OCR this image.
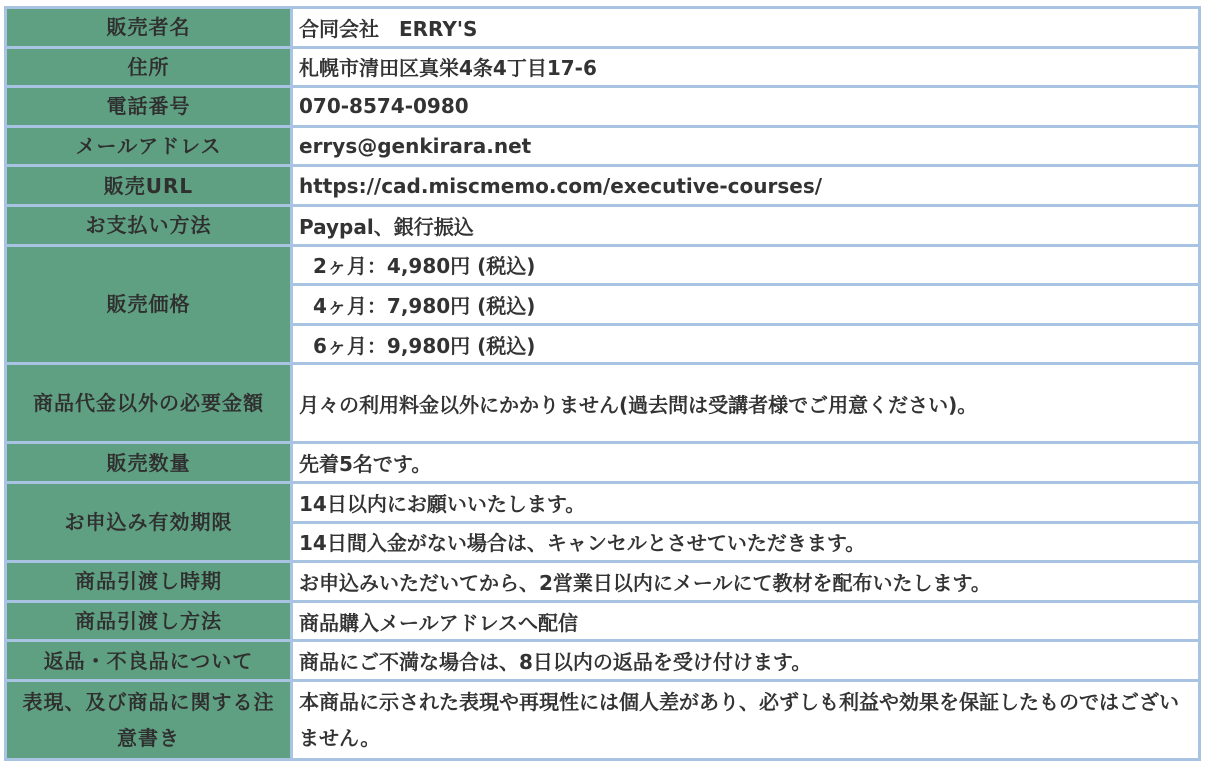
販売者名	合同会社　ERRY'S
住所	札幌市清田区真栄4条4丁目17-6
電話番号	070-8574-0980
メールアドレス	errys@genkirara.net
販売URL	https://cad.miscmemo.com/executive-courses/
お支払い方法	Paypal、銀行振込
販売価格	2ヶ月：4,980円 (税込)
	4ヶ月：7,980円 (税込)
	6ヶ月：9,980円 (税込)
商品代金以外の必要金額	月々の利用料金以外にかかりません(過去問は受講者様でご用意ください)。
販売数量	先着5名です。
お申込み有効期限	14日以内にお願いいたします。
	14日間入金がない場合は、キャンセルとさせていただきます。
商品引渡し時期	お申込みいただいてから、2営業日以内にメールにて教材を配布いたします。
商品引渡し方法	商品購入メールアドレスへ配信
返品・不良品について	商品にご不満な場合は、8日以内の返品を受け付けます。
表現、及び商品に関する注意書き	本商品に示された表現や再現性には個人差があり、必ずしも利益や効果を保証したものではございません。
